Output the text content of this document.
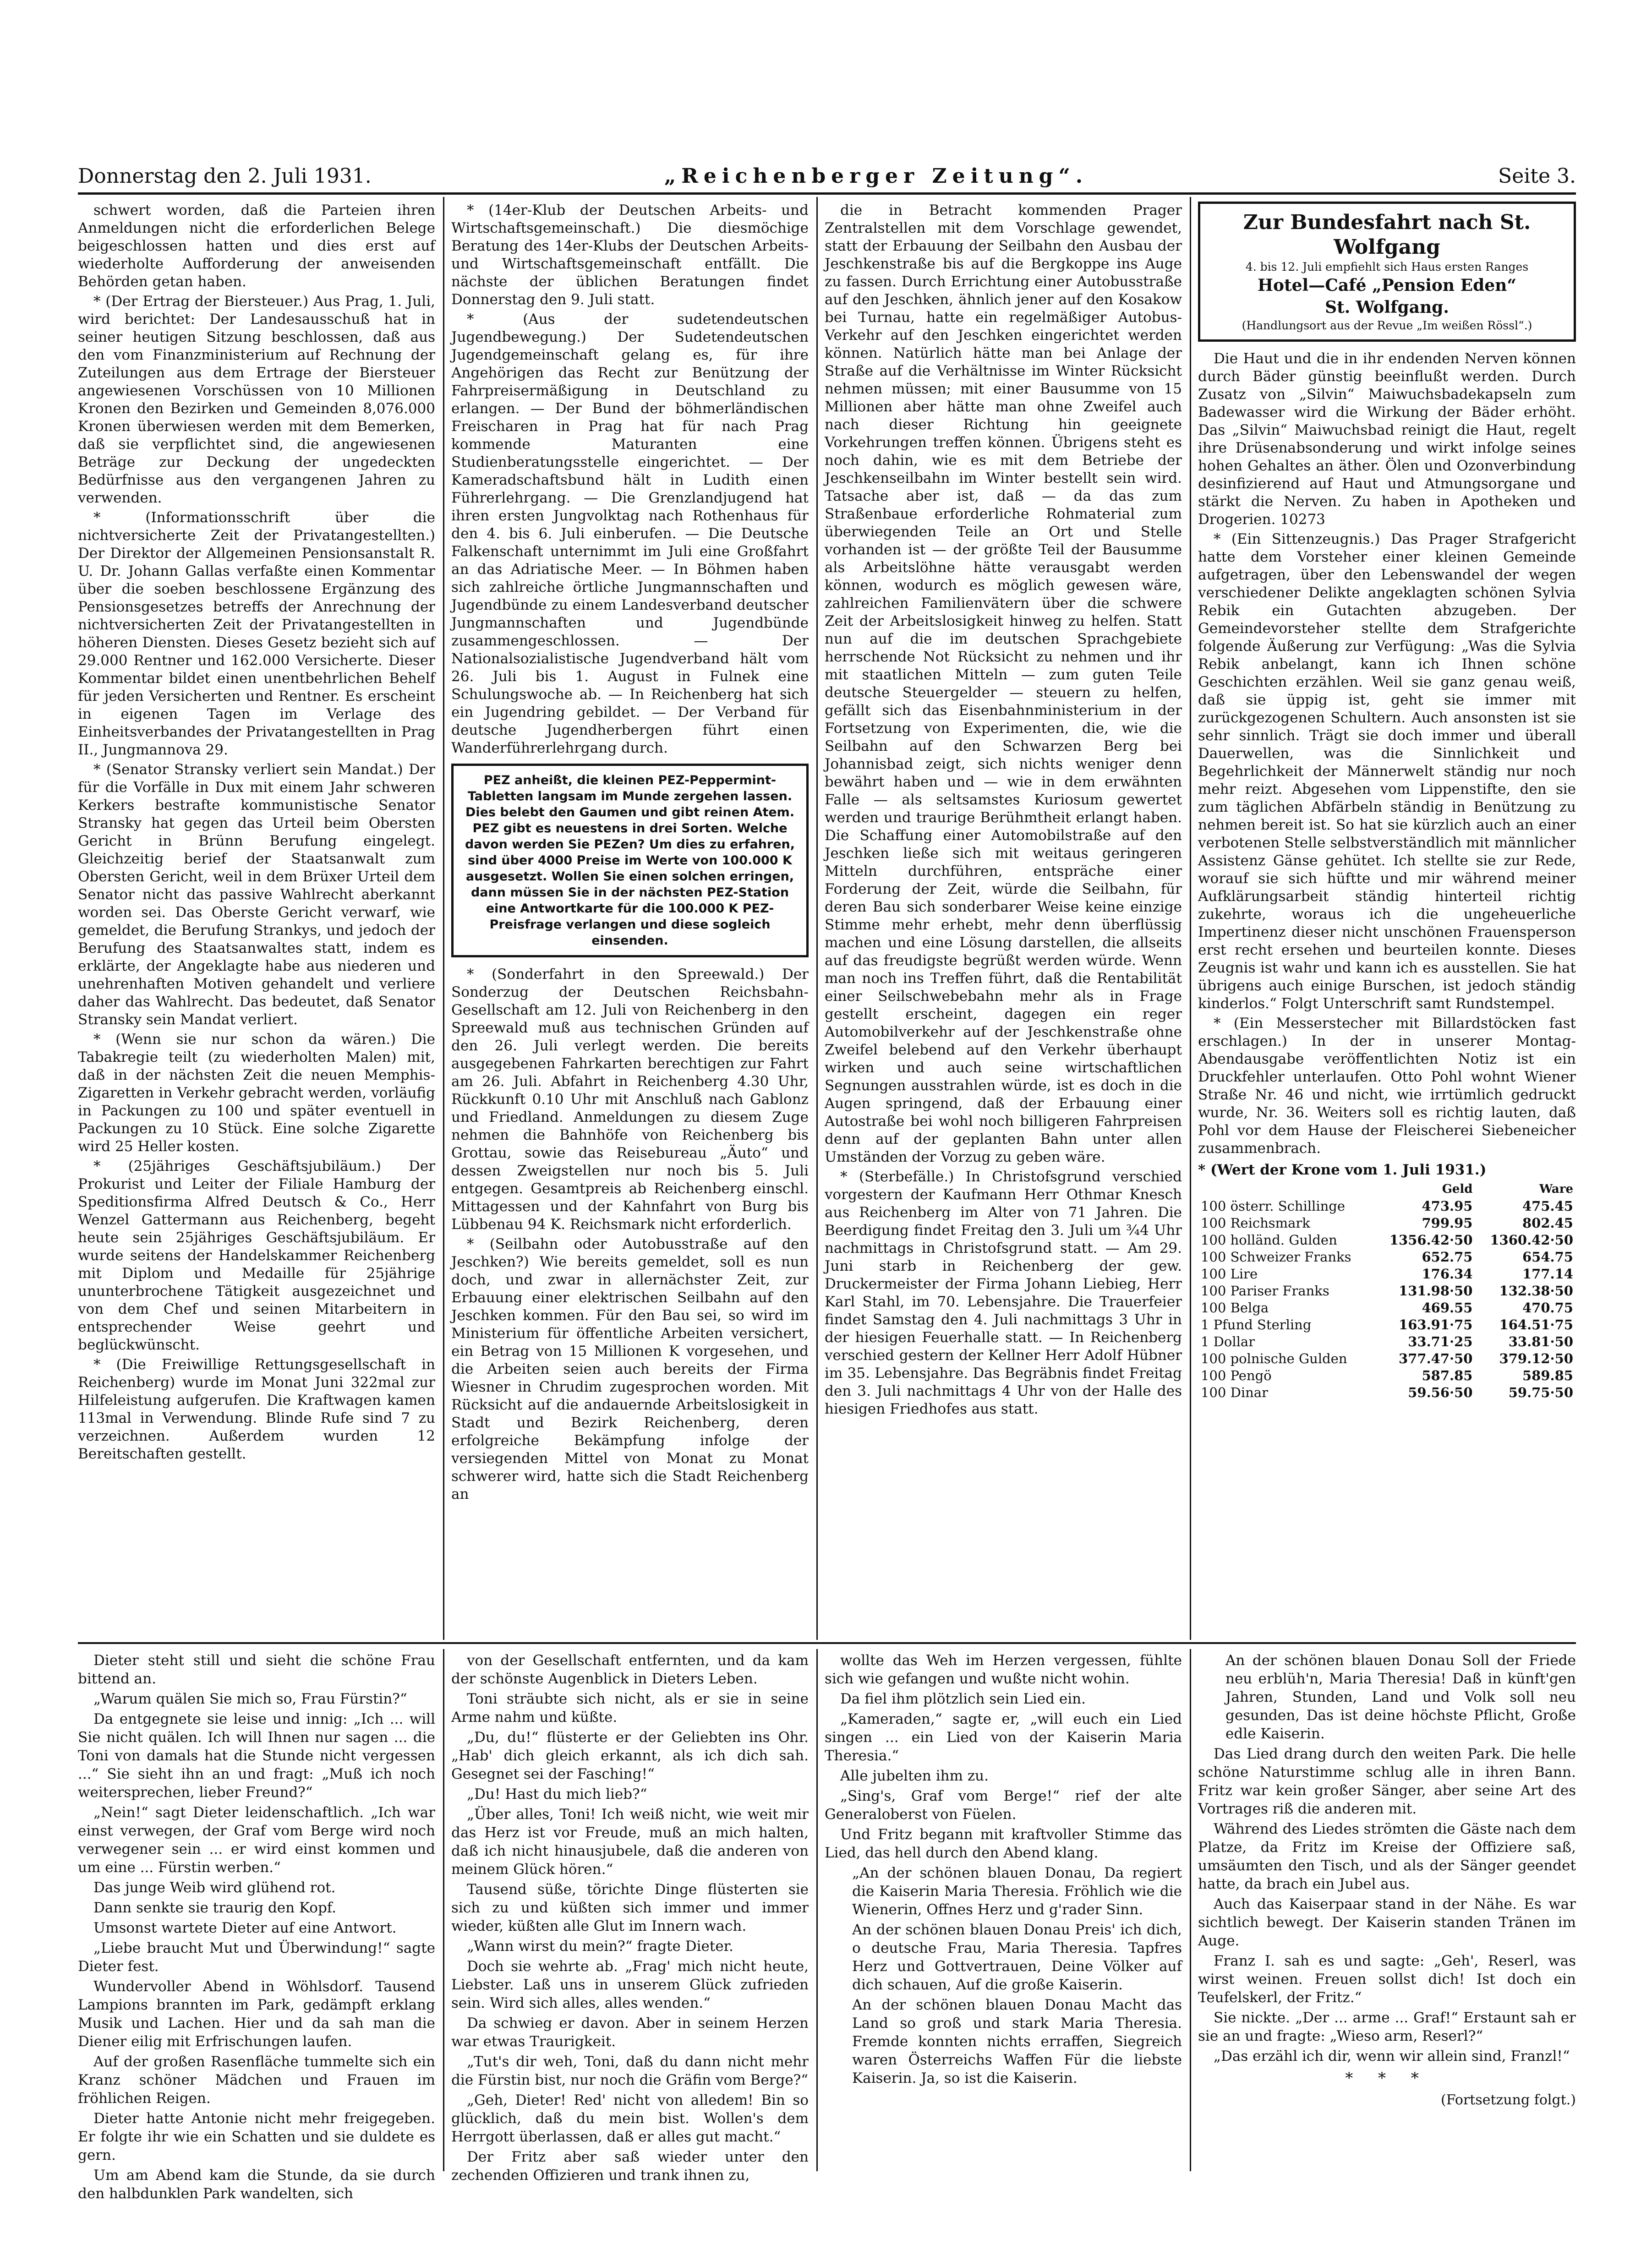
Donnerstag den 2. Juli 1931.	„Reichenberger Zeitung“.	Seite 3.

schwert worden, daß die Parteien ihren Anmeldungen nicht die erforderlichen Belege beigeschlossen hatten und dies erst auf wiederholte Aufforderung der anweisenden Behörden getan haben.

* (Der Ertrag der Biersteuer.) Aus Prag, 1. Juli, wird berichtet: Der Landesausschuß hat in seiner heutigen Sitzung beschlossen, daß aus den vom Finanzministerium auf Rechnung der Zuteilungen aus dem Ertrage der Biersteuer angewiesenen Vorschüssen von 10 Millionen Kronen den Bezirken und Gemeinden 8,076.000 Kronen überwiesen werden mit dem Bemerken, daß sie verpflichtet sind, die angewiesenen Beträge zur Deckung der ungedeckten Bedürfnisse aus den vergangenen Jahren zu verwenden.

* (Informationsschrift über die nichtversicherte Zeit der Privatangestellten.) Der Direktor der Allgemeinen Pensionsanstalt R. U. Dr. Johann Gallas verfaßte einen Kommentar über die soeben beschlossene Ergänzung des Pensionsgesetzes betreffs der Anrechnung der nichtversicherten Zeit der Privatangestellten in höheren Diensten. Dieses Gesetz bezieht sich auf 29.000 Rentner und 162.000 Versicherte. Dieser Kommentar bildet einen unentbehrlichen Behelf für jeden Versicherten und Rentner. Es erscheint in eigenen Tagen im Verlage des Einheitsverbandes der Privatangestellten in Prag II., Jungmannova 29.

* (Senator Stransky verliert sein Mandat.) Der für die Vorfälle in Dux mit einem Jahr schweren Kerkers bestrafte kommunistische Senator Stransky hat gegen das Urteil beim Obersten Gericht in Brünn Berufung eingelegt. Gleichzeitig berief der Staatsanwalt zum Obersten Gericht, weil in dem Brüxer Urteil dem Senator nicht das passive Wahlrecht aberkannt worden sei. Das Oberste Gericht verwarf, wie gemeldet, die Berufung Strankys, und jedoch der Berufung des Staatsanwaltes statt, indem es erklärte, der Angeklagte habe aus niederen und unehrenhaften Motiven gehandelt und verliere daher das Wahlrecht. Das bedeutet, daß Senator Stransky sein Mandat verliert.

* (Wenn sie nur schon da wären.) Die Tabakregie teilt (zu wiederholten Malen) mit, daß in der nächsten Zeit die neuen Memphis-Zigaretten in Verkehr gebracht werden, vorläufig in Packungen zu 100 und später eventuell in Packungen zu 10 Stück. Eine solche Zigarette wird 25 Heller kosten.

* (25jähriges Geschäftsjubiläum.) Der Prokurist und Leiter der Filiale Hamburg der Speditionsfirma Alfred Deutsch & Co., Herr Wenzel Gattermann aus Reichenberg, begeht heute sein 25jähriges Geschäftsjubiläum. Er wurde seitens der Handelskammer Reichenberg mit Diplom und Medaille für 25jährige ununterbrochene Tätigkeit ausgezeichnet und von dem Chef und seinen Mitarbeitern in entsprechender Weise geehrt und beglückwünscht.

* (Die Freiwillige Rettungsgesellschaft in Reichenberg) wurde im Monat Juni 322mal zur Hilfeleistung aufgerufen. Die Kraftwagen kamen 113mal in Verwendung. Blinde Rufe sind 7 zu verzeichnen. Außerdem wurden 12 Bereitschaften gestellt.

* (14er-Klub der Deutschen Arbeits- und Wirtschaftsgemeinschaft.) Die diesmöchige Beratung des 14er-Klubs der Deutschen Arbeits- und Wirtschaftsgemeinschaft entfällt. Die nächste der üblichen Beratungen findet Donnerstag den 9. Juli statt.

* (Aus der sudetendeutschen Jugendbewegung.) Der Sudetendeutschen Jugendgemeinschaft gelang es, für ihre Angehörigen das Recht zur Benützung der Fahrpreisermäßigung in Deutschland zu erlangen. — Der Bund der böhmerländischen Freischaren in Prag hat für nach Prag kommende Maturanten eine Studienberatungsstelle eingerichtet. — Der Kameradschaftsbund hält in Ludith einen Führerlehrgang. — Die Grenzlandjugend hat ihren ersten Jungvolktag nach Rothenhaus für den 4. bis 6. Juli einberufen. — Die Deutsche Falkenschaft unternimmt im Juli eine Großfahrt an das Adriatische Meer. — In Böhmen haben sich zahlreiche örtliche Jungmannschaften und Jugendbünde zu einem Landesverband deutscher Jungmannschaften und Jugendbünde zusammengeschlossen. — Der Nationalsozialistische Jugendverband hält vom 26. Juli bis 1. August in Fulnek eine Schulungswoche ab. — In Reichenberg hat sich ein Jugendring gebildet. — Der Verband für deutsche Jugendherbergen führt einen Wanderführerlehrgang durch.

PEZ anheißt, die kleinen PEZ-Peppermint-Tabletten langsam im Munde zergehen lassen. Dies belebt den Gaumen und gibt reinen Atem. PEZ gibt es neuestens in drei Sorten. Welche davon werden Sie PEZen? Um dies zu erfahren, sind über 4000 Preise im Werte von 100.000 K ausgesetzt. Wollen Sie einen solchen erringen, dann müssen Sie in der nächsten PEZ-Station eine Antwortkarte für die 100.000 K PEZ-Preisfrage verlangen und diese sogleich einsenden.

* (Sonderfahrt in den Spreewald.) Der Sonderzug der Deutschen Reichsbahn-Gesellschaft am 12. Juli von Reichenberg in den Spreewald muß aus technischen Gründen auf den 26. Juli verlegt werden. Die bereits ausgegebenen Fahrkarten berechtigen zur Fahrt am 26. Juli. Abfahrt in Reichenberg 4.30 Uhr, Rückkunft 0.10 Uhr mit Anschluß nach Gablonz und Friedland. Anmeldungen zu diesem Zuge nehmen die Bahnhöfe von Reichenberg bis Grottau, sowie das Reisebureau „Äuto“ und dessen Zweigstellen nur noch bis 5. Juli entgegen. Gesamtpreis ab Reichenberg einschl. Mittagessen und der Kahnfahrt von Burg bis Lübbenau 94 K. Reichsmark nicht erforderlich.

* (Seilbahn oder Autobusstraße auf den Jeschken?) Wie bereits gemeldet, soll es nun doch, und zwar in allernächster Zeit, zur Erbauung einer elektrischen Seilbahn auf den Jeschken kommen. Für den Bau sei, so wird im Ministerium für öffentliche Arbeiten versichert, ein Betrag von 15 Millionen K vorgesehen, und die Arbeiten seien auch bereits der Firma Wiesner in Chrudim zugesprochen worden. Mit Rücksicht auf die andauernde Arbeitslosigkeit in Stadt und Bezirk Reichenberg, deren erfolgreiche Bekämpfung infolge der versiegenden Mittel von Monat zu Monat schwerer wird, hatte sich die Stadt Reichenberg an

die in Betracht kommenden Prager Zentralstellen mit dem Vorschlage gewendet, statt der Erbauung der Seilbahn den Ausbau der Jeschkenstraße bis auf die Bergkoppe ins Auge zu fassen. Durch Errichtung einer Autobusstraße auf den Jeschken, ähnlich jener auf den Kosakow bei Turnau, hatte ein regelmäßiger Autobus-Verkehr auf den Jeschken eingerichtet werden können. Natürlich hätte man bei Anlage der Straße auf die Verhältnisse im Winter Rücksicht nehmen müssen; mit einer Bausumme von 15 Millionen aber hätte man ohne Zweifel auch nach dieser Richtung hin geeignete Vorkehrungen treffen können. Übrigens steht es noch dahin, wie es mit dem Betriebe der Jeschkenseilbahn im Winter bestellt sein wird. Tatsache aber ist, daß — da das zum Straßenbaue erforderliche Rohmaterial zum überwiegenden Teile an Ort und Stelle vorhanden ist — der größte Teil der Bausumme als Arbeitslöhne hätte verausgabt werden können, wodurch es möglich gewesen wäre, zahlreichen Familienvätern über die schwere Zeit der Arbeitslosigkeit hinweg zu helfen. Statt nun auf die im deutschen Sprachgebiete herrschende Not Rücksicht zu nehmen und ihr mit staatlichen Mitteln — zum guten Teile deutsche Steuergelder — steuern zu helfen, gefällt sich das Eisenbahnministerium in der Fortsetzung von Experimenten, die, wie die Seilbahn auf den Schwarzen Berg bei Johannisbad zeigt, sich nichts weniger denn bewährt haben und — wie in dem erwähnten Falle — als seltsamstes Kuriosum gewertet werden und traurige Berühmtheit erlangt haben. Die Schaffung einer Automobilstraße auf den Jeschken ließe sich mit weitaus geringeren Mitteln durchführen, entspräche einer Forderung der Zeit, würde die Seilbahn, für deren Bau sich sonderbarer Weise keine einzige Stimme mehr erhebt, mehr denn überflüssig machen und eine Lösung darstellen, die allseits auf das freudigste begrüßt werden würde. Wenn man noch ins Treffen führt, daß die Rentabilität einer Seilschwebebahn mehr als in Frage gestellt erscheint, dagegen ein reger Automobilverkehr auf der Jeschkenstraße ohne Zweifel belebend auf den Verkehr überhaupt wirken und auch seine wirtschaftlichen Segnungen ausstrahlen würde, ist es doch in die Augen springend, daß der Erbauung einer Autostraße bei wohl noch billigeren Fahrpreisen denn auf der geplanten Bahn unter allen Umständen der Vorzug zu geben wäre.

* (Sterbefälle.) In Christofsgrund verschied vorgestern der Kaufmann Herr Othmar Knesch aus Reichenberg im Alter von 71 Jahren. Die Beerdigung findet Freitag den 3. Juli um ¾4 Uhr nachmittags in Christofsgrund statt. — Am 29. Juni starb in Reichenberg der gew. Druckermeister der Firma Johann Liebieg, Herr Karl Stahl, im 70. Lebensjahre. Die Trauerfeier findet Samstag den 4. Juli nachmittags 3 Uhr in der hiesigen Feuerhalle statt. — In Reichenberg verschied gestern der Kellner Herr Adolf Hübner im 35. Lebensjahre. Das Begräbnis findet Freitag den 3. Juli nachmittags 4 Uhr von der Halle des hiesigen Friedhofes aus statt.

Zur Bundesfahrt nach St. Wolfgang
4. bis 12. Juli empfiehlt sich Haus ersten Ranges
Hotel—Café „Pension Eden“
St. Wolfgang.
(Handlungsort aus der Revue „Im weißen Rössl“.)

Die Haut und die in ihr endenden Nerven können durch Bäder günstig beeinflußt werden. Durch Zusatz von „Silvin“ Maiwuchsbadekapseln zum Badewasser wird die Wirkung der Bäder erhöht. Das „Silvin“ Maiwuchsbad reinigt die Haut, regelt ihre Drüsenabsonderung und wirkt infolge seines hohen Gehaltes an äther. Ölen und Ozonverbindung desinfizierend auf Haut und Atmungsorgane und stärkt die Nerven. Zu haben in Apotheken und Drogerien. 10273

* (Ein Sittenzeugnis.) Das Prager Strafgericht hatte dem Vorsteher einer kleinen Gemeinde aufgetragen, über den Lebenswandel der wegen verschiedener Delikte angeklagten schönen Sylvia Rebik ein Gutachten abzugeben. Der Gemeindevorsteher stellte dem Strafgerichte folgende Äußerung zur Verfügung: „Was die Sylvia Rebik anbelangt, kann ich Ihnen schöne Geschichten erzählen. Weil sie ganz genau weiß, daß sie üppig ist, geht sie immer mit zurückgezogenen Schultern. Auch ansonsten ist sie sehr sinnlich. Trägt sie doch immer und überall Dauerwellen, was die Sinnlichkeit und Begehrlichkeit der Männerwelt ständig nur noch mehr reizt. Abgesehen vom Lippenstifte, den sie zum täglichen Abfärbeln ständig in Benützung zu nehmen bereit ist. So hat sie kürzlich auch an einer verbotenen Stelle selbstverständlich mit männlicher Assistenz Gänse gehütet. Ich stellte sie zur Rede, worauf sie sich hüftte und mir während meiner Aufklärungsarbeit ständig hinterteil richtig zukehrte, woraus ich die ungeheuerliche Impertinenz dieser nicht unschönen Frauensperson erst recht ersehen und beurteilen konnte. Dieses Zeugnis ist wahr und kann ich es ausstellen. Sie hat übrigens auch einige Burschen, ist jedoch ständig kinderlos.“ Folgt Unterschrift samt Rundstempel.

* (Ein Messerstecher mit Billardstöcken fast erschlagen.) In der in unserer Montag-Abendausgabe veröffentlichten Notiz ist ein Druckfehler unterlaufen. Otto Pohl wohnt Wiener Straße Nr. 46 und nicht, wie irrtümlich gedruckt wurde, Nr. 36. Weiters soll es richtig lauten, daß Pohl vor dem Hause der Fleischerei Siebeneicher zusammenbrach.

* (Wert der Krone vom 1. Juli 1931.)
	Geld	Ware
100 österr. Schillinge	473.95	475.45
100 Reichsmark	799.95	802.45
100 holländ. Gulden	1356.42·50	1360.42·50
100 Schweizer Franks	652.75	654.75
100 Lire	176.34	177.14
100 Pariser Franks	131.98·50	132.38·50
100 Belga	469.55	470.75
1 Pfund Sterling	163.91·75	164.51·75
1 Dollar	33.71·25	33.81·50
100 polnische Gulden	377.47·50	379.12·50
100 Pengö	587.85	589.85
100 Dinar	59.56·50	59.75·50

Dieter steht still und sieht die schöne Frau bittend an.

„Warum quälen Sie mich so, Frau Fürstin?“

Da entgegnete sie leise und innig: „Ich ... will Sie nicht quälen. Ich will Ihnen nur sagen ... die Toni von damals hat die Stunde nicht vergessen ...“ Sie sieht ihn an und fragt: „Muß ich noch weitersprechen, lieber Freund?“

„Nein!“ sagt Dieter leidenschaftlich. „Ich war einst verwegen, der Graf vom Berge wird noch verwegener sein ... er wird einst kommen und um eine ... Fürstin werben.“

Das junge Weib wird glühend rot.

Dann senkte sie traurig den Kopf.

Umsonst wartete Dieter auf eine Antwort.

„Liebe braucht Mut und Überwindung!“ sagte Dieter fest.

Wundervoller Abend in Wöhlsdorf. Tausend Lampions brannten im Park, gedämpft erklang Musik und Lachen. Hier und da sah man die Diener eilig mit Erfrischungen laufen.

Auf der großen Rasenfläche tummelte sich ein Kranz schöner Mädchen und Frauen im fröhlichen Reigen.

Dieter hatte Antonie nicht mehr freigegeben. Er folgte ihr wie ein Schatten und sie duldete es gern.

Um am Abend kam die Stunde, da sie durch den halbdunklen Park wandelten, sich

von der Gesellschaft entfernten, und da kam der schönste Augenblick in Dieters Leben.

Toni sträubte sich nicht, als er sie in seine Arme nahm und küßte.

„Du, du!“ flüsterte er der Geliebten ins Ohr. „Hab' dich gleich erkannt, als ich dich sah. Gesegnet sei der Fasching!“

„Du! Hast du mich lieb?“

„Über alles, Toni! Ich weiß nicht, wie weit mir das Herz ist vor Freude, muß an mich halten, daß ich nicht hinausjubele, daß die anderen von meinem Glück hören.“

Tausend süße, törichte Dinge flüsterten sie sich zu und küßten sich immer und immer wieder, küßten alle Glut im Innern wach.

„Wann wirst du mein?“ fragte Dieter.

Doch sie wehrte ab. „Frag' mich nicht heute, Liebster. Laß uns in unserem Glück zufrieden sein. Wird sich alles, alles wenden.“

Da schwieg er davon. Aber in seinem Herzen war etwas Traurigkeit.

„Tut's dir weh, Toni, daß du dann nicht mehr die Fürstin bist, nur noch die Gräfin vom Berge?“

„Geh, Dieter! Red' nicht von alledem! Bin so glücklich, daß du mein bist. Wollen's dem Herrgott überlassen, daß er alles gut macht.“

Der Fritz aber saß wieder unter den zechenden Offizieren und trank ihnen zu,

wollte das Weh im Herzen vergessen, fühlte sich wie gefangen und wußte nicht wohin.

Da fiel ihm plötzlich sein Lied ein.

„Kameraden,“ sagte er, „will euch ein Lied singen ... ein Lied von der Kaiserin Maria Theresia.“

Alle jubelten ihm zu.

„Sing's, Graf vom Berge!“ rief der alte Generaloberst von Füelen.

Und Fritz begann mit kraftvoller Stimme das Lied, das hell durch den Abend klang.

„An der schönen blauen Donau, Da regiert die Kaiserin Maria Theresia. Fröhlich wie die Wienerin, Offnes Herz und g'rader Sinn.

An der schönen blauen Donau Preis' ich dich, o deutsche Frau, Maria Theresia. Tapfres Herz und Gottvertrauen, Deine Völker auf dich schauen, Auf die große Kaiserin.

An der schönen blauen Donau Macht das Land so groß und stark Maria Theresia. Fremde konnten nichts erraffen, Siegreich waren Österreichs Waffen Für die liebste Kaiserin. Ja, so ist die Kaiserin.

An der schönen blauen Donau Soll der Friede neu erblüh'n, Maria Theresia! Daß in künft'gen Jahren, Stunden, Land und Volk soll neu gesunden, Das ist deine höchste Pflicht, Große edle Kaiserin.

Das Lied drang durch den weiten Park. Die helle schöne Naturstimme schlug alle in ihren Bann. Fritz war kein großer Sänger, aber seine Art des Vortrages riß die anderen mit.

Während des Liedes strömten die Gäste nach dem Platze, da Fritz im Kreise der Offiziere saß, umsäumten den Tisch, und als der Sänger geendet hatte, da brach ein Jubel aus.

Auch das Kaiserpaar stand in der Nähe. Es war sichtlich bewegt. Der Kaiserin standen Tränen im Auge.

Franz I. sah es und sagte: „Geh', Reserl, was wirst weinen. Freuen sollst dich! Ist doch ein Teufelskerl, der Fritz.“

Sie nickte. „Der ... arme ... Graf!“ Erstaunt sah er sie an und fragte: „Wieso arm, Reserl?“

„Das erzähl ich dir, wenn wir allein sind, Franzl!“

* * *
(Fortsetzung folgt.)
